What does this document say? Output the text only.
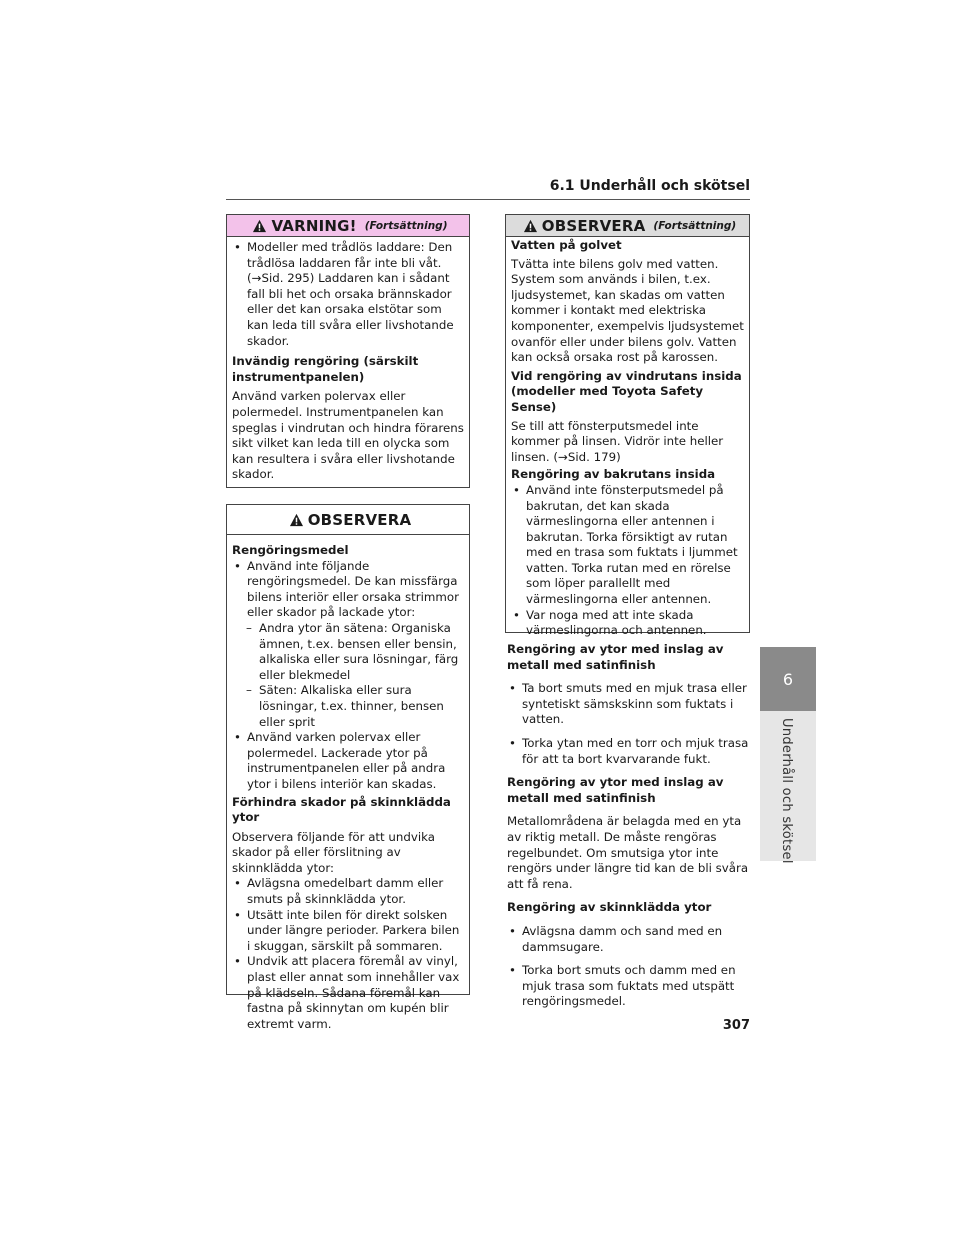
6.1 Underhåll och skötsel
VARNING! (Fortsättning)

• Modeller med trådlös laddare: Den trådlösa laddaren får inte bli våt. (→Sid. 295) Laddaren kan i sådant fall bli het och orsaka brännskador eller det kan orsaka elstötar som kan leda till svåra eller livshotande skador.

Invändig rengöring (särskilt instrumentpanelen)

Använd varken polervax eller polermedel. Instrumentpanelen kan speglas i vindrutan och hindra förarens sikt vilket kan leda till en olycka som kan resultera i svåra eller livshotande skador.

OBSERVERA

Rengöringsmedel

• Använd inte följande rengöringsmedel. De kan missfärga bilens interiör eller orsaka strimmor eller skador på lackade ytor:

– Andra ytor än sätena: Organiska ämnen, t.ex. bensen eller bensin, alkaliska eller sura lösningar, färg eller blekmedel

– Säten: Alkaliska eller sura lösningar, t.ex. thinner, bensen eller sprit

• Använd varken polervax eller polermedel. Lackerade ytor på instrumentpanelen eller på andra ytor i bilens interiör kan skadas.

Förhindra skador på skinnklädda ytor

Observera följande för att undvika skador på eller förslitning av skinnklädda ytor:

• Avlägsna omedelbart damm eller smuts på skinnklädda ytor.

• Utsätt inte bilen för direkt solsken under längre perioder. Parkera bilen i skuggan, särskilt på sommaren.

• Undvik att placera föremål av vinyl, plast eller annat som innehåller vax på klädseln. Sådana föremål kan fastna på skinnytan om kupén blir extremt varm.

OBSERVERA (Fortsättning)

Vatten på golvet

Tvätta inte bilens golv med vatten. System som används i bilen, t.ex. ljudsystemet, kan skadas om vatten kommer i kontakt med elektriska komponenter, exempelvis ljudsystemet ovanför eller under bilens golv. Vatten kan också orsaka rost på karossen.

Vid rengöring av vindrutans insida (modeller med Toyota Safety Sense)

Se till att fönsterputsmedel inte kommer på linsen. Vidrör inte heller linsen. (→Sid. 179)

Rengöring av bakrutans insida

• Använd inte fönsterputsmedel på bakrutan, det kan skada värmeslingorna eller antennen i bakrutan. Torka försiktigt av rutan med en trasa som fuktats i ljummet vatten. Torka rutan med en rörelse som löper parallellt med värmeslingorna eller antennen.

• Var noga med att inte skada värmeslingorna och antennen.

Rengöring av ytor med inslag av metall med satinfinish

• Ta bort smuts med en mjuk trasa eller syntetiskt sämskskinn som fuktats i vatten.

• Torka ytan med en torr och mjuk trasa för att ta bort kvarvarande fukt.

Rengöring av ytor med inslag av metall med satinfinish

Metallområdena är belagda med en yta av riktig metall. De måste rengöras regelbundet. Om smutsiga ytor inte rengörs under längre tid kan de bli svåra att få rena.

Rengöring av skinnklädda ytor

• Avlägsna damm och sand med en dammsugare.

• Torka bort smuts och damm med en mjuk trasa som fuktats med utspätt rengöringsmedel.

6
Underhåll och skötsel
307
